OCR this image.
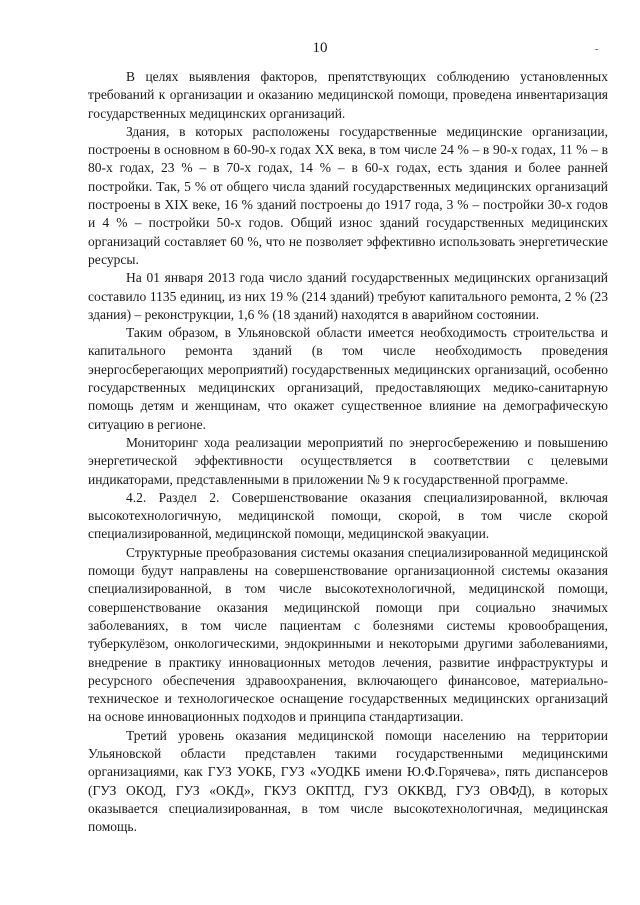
10	-

В целях выявления факторов, препятствующих соблюдению установленных требований к организации и оказанию медицинской помощи, проведена инвентаризация государственных медицинских организаций.

Здания, в которых расположены государственные медицинские организации, построены в основном в 60-90-х годах XX века, в том числе 24 % – в 90-х годах, 11 % – в 80-х годах, 23 % – в 70-х годах, 14 % – в 60-х годах, есть здания и более ранней постройки. Так, 5 % от общего числа зданий государственных медицинских организаций построены в XIX веке, 16 % зданий построены до 1917 года, 3 % – постройки 30-х годов и 4 % – постройки 50-х годов. Общий износ зданий государственных медицинских организаций составляет 60 %, что не позволяет эффективно использовать энергетические ресурсы.

На 01 января 2013 года число зданий государственных медицинских организаций составило 1135 единиц, из них 19 % (214 зданий) требуют капитального ремонта, 2 % (23 здания) – реконструкции, 1,6 % (18 зданий) находятся в аварийном состоянии.

Таким образом, в Ульяновской области имеется необходимость строительства и капитального ремонта зданий (в том числе необходимость проведения энергосберегающих мероприятий) государственных медицинских организаций, особенно государственных медицинских организаций, предоставляющих медико-санитарную помощь детям и женщинам, что окажет существенное влияние на демографическую ситуацию в регионе.

Мониторинг хода реализации мероприятий по энергосбережению и повышению энергетической эффективности осуществляется в соответствии с целевыми индикаторами, представленными в приложении № 9 к государственной программе.

4.2. Раздел 2. Совершенствование оказания специализированной, включая высокотехнологичную, медицинской помощи, скорой, в том числе скорой специализированной, медицинской помощи, медицинской эвакуации.

Структурные преобразования системы оказания специализированной медицинской помощи будут направлены на совершенствование организационной системы оказания специализированной, в том числе высокотехнологичной, медицинской помощи, совершенствование оказания медицинской помощи при социально значимых заболеваниях, в том числе пациентам с болезнями системы кровообращения, туберкулёзом, онкологическими, эндокринными и некоторыми другими заболеваниями, внедрение в практику инновационных методов лечения, развитие инфраструктуры и ресурсного обеспечения здравоохранения, включающего финансовое, материально-техническое и технологическое оснащение государственных медицинских организаций на основе инновационных подходов и принципа стандартизации.

Третий уровень оказания медицинской помощи населению на территории Ульяновской области представлен такими государственными медицинскими организациями, как ГУЗ УОКБ, ГУЗ «УОДКБ имени Ю.Ф.Горячева», пять диспансеров (ГУЗ ОКОД, ГУЗ «ОКД», ГКУЗ ОКПТД, ГУЗ ОККВД, ГУЗ ОВФД), в которых оказывается специализированная, в том числе высокотехнологичная, медицинская помощь.
